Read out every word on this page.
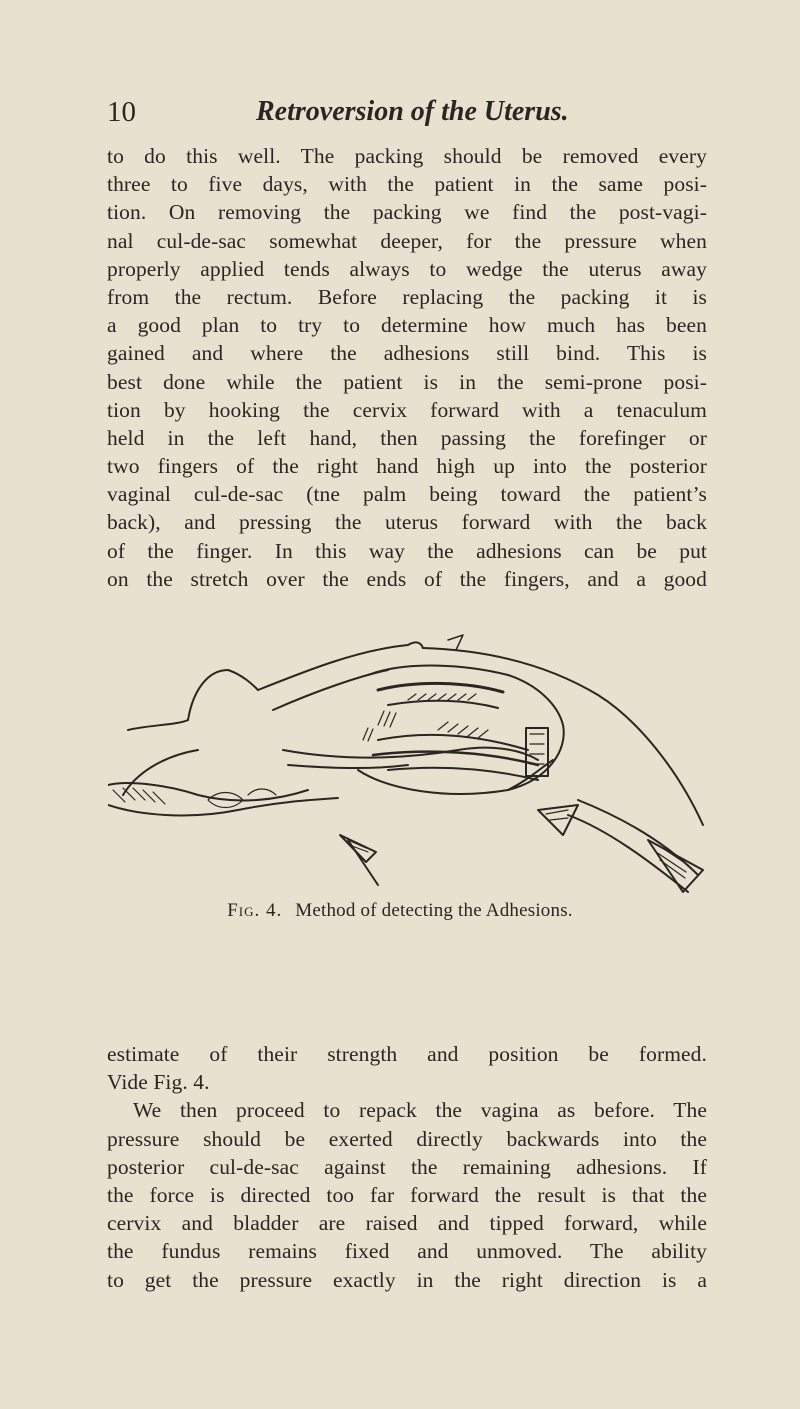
10	Retroversion of the Uterus.
to do this well. The packing should be removed every
three to five days, with the patient in the same posi-
tion. On removing the packing we find the post-vagi-
nal cul-de-sac somewhat deeper, for the pressure when
properly applied tends always to wedge the uterus away
from the rectum. Before replacing the packing it is
a good plan to try to determine how much has been
gained and where the adhesions still bind. This is
best done while the patient is in the semi-prone posi-
tion by hooking the cervix forward with a tenaculum
held in the left hand, then passing the forefinger or
two fingers of the right hand high up into the posterior
vaginal cul-de-sac (tne palm being toward the patient’s
back), and pressing the uterus forward with the back
of the finger. In this way the adhesions can be put
on the stretch over the ends of the fingers, and a good
Fig. 4. Method of detecting the Adhesions.
estimate of their strength and position be formed.
Vide Fig. 4.
We then proceed to repack the vagina as before. The
pressure should be exerted directly backwards into the
posterior cul-de-sac against the remaining adhesions. If
the force is directed too far forward the result is that the
cervix and bladder are raised and tipped forward, while
the fundus remains fixed and unmoved. The ability
to get the pressure exactly in the right direction is a
